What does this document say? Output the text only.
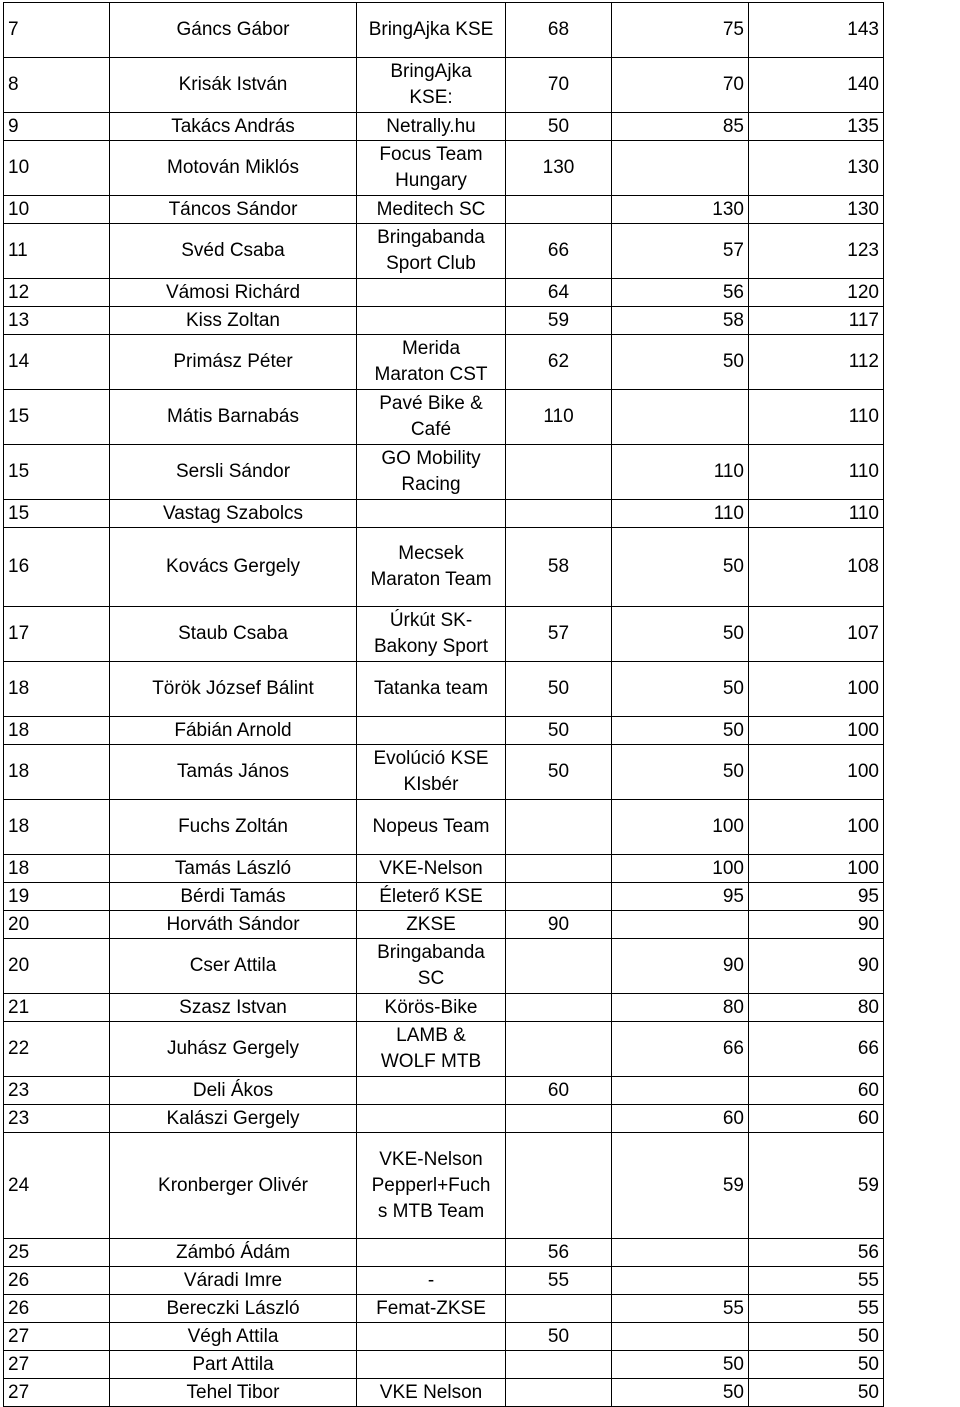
7	Gáncs Gábor	BringAjka KSE	68	75	143

8	Krisák István	BringAjka
KSE:	70	70	140

9	Takács András	Netrally.hu	50	85	135

10	Motován Miklós	Focus Team
Hungary	130		130

10	Táncos Sándor	Meditech SC		130	130

11	Svéd Csaba	Bringabanda
Sport Club	66	57	123

12	Vámosi Richárd		64	56	120

13	Kiss Zoltan		59	58	117

14	Primász Péter	Merida
Maraton CST	62	50	112

15	Mátis Barnabás	Pavé Bike &
Café	110		110

15	Sersli Sándor	GO Mobility
Racing		110	110

15	Vastag Szabolcs			110	110

16	Kovács Gergely	Mecsek
Maraton Team	58	50	108

17	Staub Csaba	Úrkút SK-
Bakony Sport	57	50	107

18	Török József Bálint	Tatanka team	50	50	100

18	Fábián Arnold		50	50	100

18	Tamás János	Evolúció KSE
KIsbér	50	50	100

18	Fuchs Zoltán	Nopeus Team		100	100

18	Tamás László	VKE-Nelson		100	100

19	Bérdi Tamás	Életerő KSE		95	95

20	Horváth Sándor	ZKSE	90		90

20	Cser Attila	Bringabanda
SC		90	90

21	Szasz Istvan	Körös-Bike		80	80

22	Juhász Gergely	LAMB &
WOLF MTB		66	66

23	Deli Ákos		60		60

23	Kalászi Gergely			60	60

24	Kronberger Olivér	VKE-Nelson
Pepperl+Fuch
s MTB Team		59	59

25	Zámbó Ádám		56		56

26	Váradi Imre	-	55		55

26	Bereczki László	Femat-ZKSE		55	55

27	Végh Attila		50		50

27	Part Attila			50	50

27	Tehel Tibor	VKE Nelson		50	50
